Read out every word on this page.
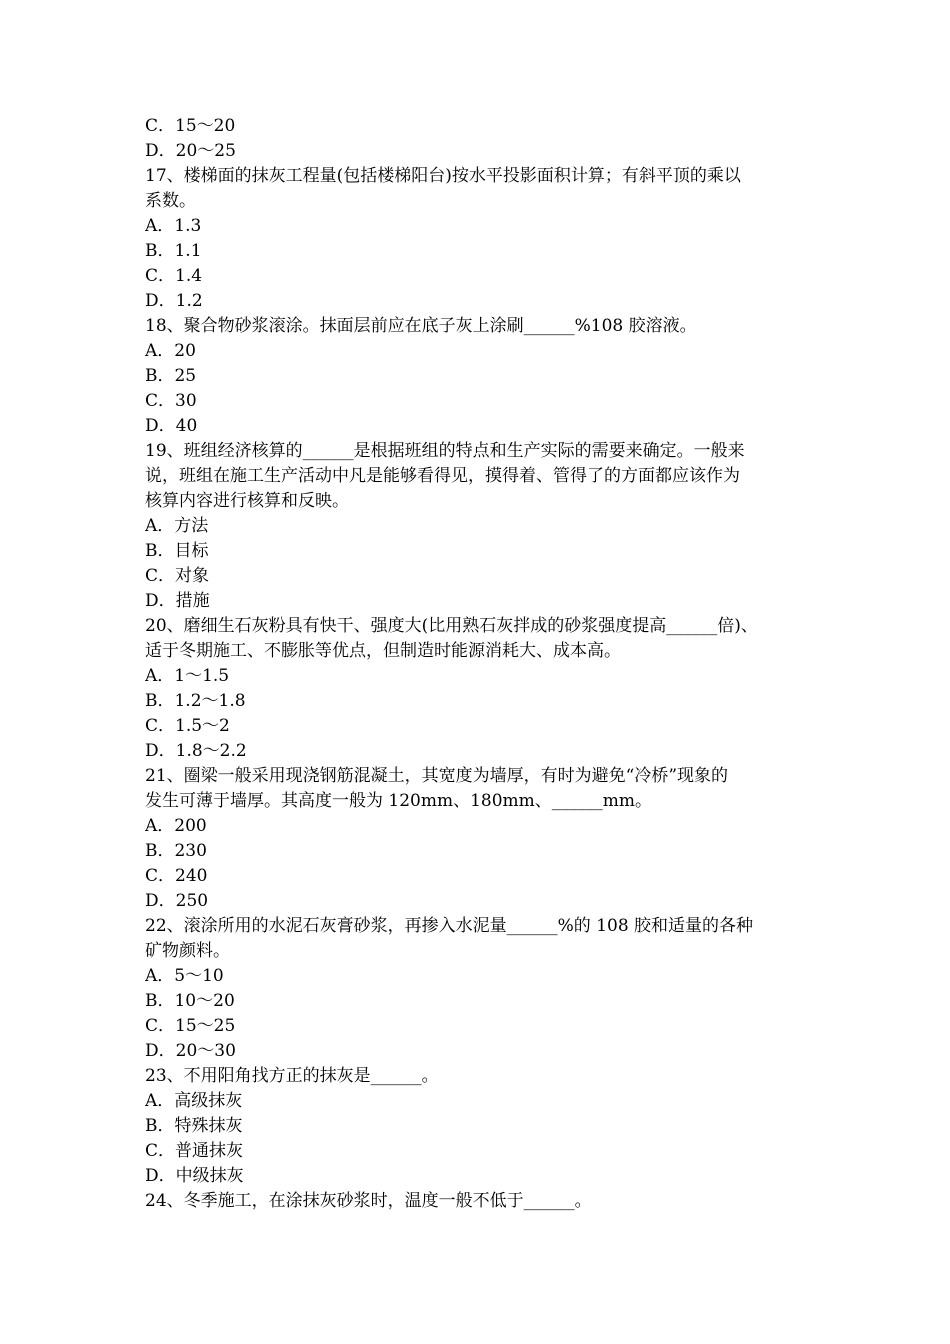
C．15～20
D．20～25
17、楼梯面的抹灰工程量(包括楼梯阳台)按水平投影面积计算；有斜平顶的乘以
系数。
A．1.3
B．1.1
C．1.4
D．1.2
18、聚合物砂浆滚涂。抹面层前应在底子灰上涂刷______%108 胶溶液。
A．20
B．25
C．30
D．40
19、班组经济核算的______是根据班组的特点和生产实际的需要来确定。一般来
说，班组在施工生产活动中凡是能够看得见，摸得着、管得了的方面都应该作为
核算内容进行核算和反映。
A．方法
B．目标
C．对象
D．措施
20、磨细生石灰粉具有快干、强度大(比用熟石灰拌成的砂浆强度提高______倍)、
适于冬期施工、不膨胀等优点，但制造时能源消耗大、成本高。
A．1～1.5
B．1.2～1.8
C．1.5～2
D．1.8～2.2
21、圈梁一般采用现浇钢筋混凝土，其宽度为墙厚，有时为避免“冷桥”现象的
发生可薄于墙厚。其高度一般为 120mm、180mm、______mm。
A．200
B．230
C．240
D．250
22、滚涂所用的水泥石灰膏砂浆，再掺入水泥量______%的 108 胶和适量的各种
矿物颜料。
A．5～10
B．10～20
C．15～25
D．20～30
23、不用阳角找方正的抹灰是______。
A．高级抹灰
B．特殊抹灰
C．普通抹灰
D．中级抹灰
24、冬季施工，在涂抹灰砂浆时，温度一般不低于______。
